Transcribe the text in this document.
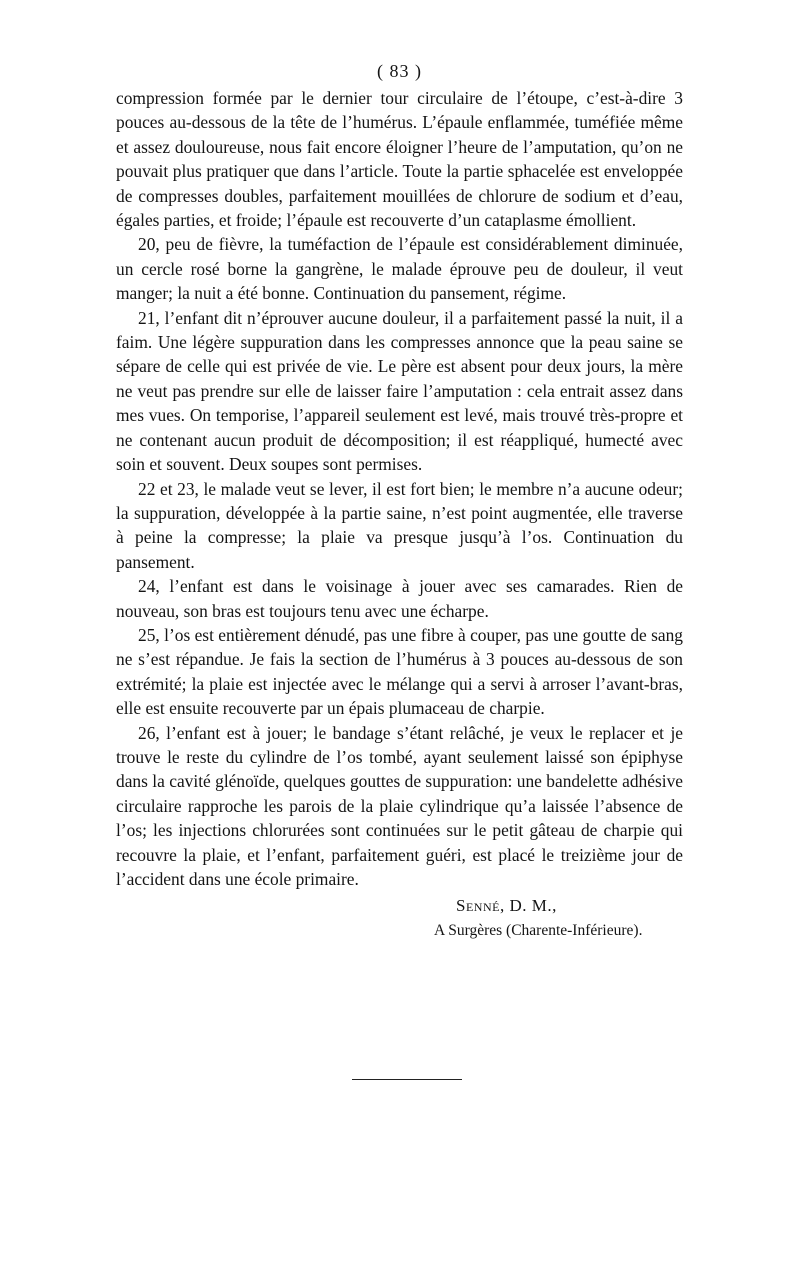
( 83 )

compression formée par le dernier tour circulaire de l’étoupe, c’est-à-dire 3 pouces au-dessous de la tête de l’humérus. L’épaule enflammée, tuméfiée même et assez douloureuse, nous fait encore éloigner l’heure de l’amputation, qu’on ne pouvait plus pratiquer que dans l’article. Toute la partie sphacelée est enveloppée de compresses doubles, parfaitement mouillées de chlorure de sodium et d’eau, égales parties, et froide; l’épaule est recouverte d’un cataplasme émollient.

20, peu de fièvre, la tuméfaction de l’épaule est considérablement diminuée, un cercle rosé borne la gangrène, le malade éprouve peu de douleur, il veut manger; la nuit a été bonne. Continuation du pansement, régime.

21, l’enfant dit n’éprouver aucune douleur, il a parfaitement passé la nuit, il a faim. Une légère suppuration dans les compresses annonce que la peau saine se sépare de celle qui est privée de vie. Le père est absent pour deux jours, la mère ne veut pas prendre sur elle de laisser faire l’amputation : cela entrait assez dans mes vues. On temporise, l’appareil seulement est levé, mais trouvé très-propre et ne contenant aucun produit de décomposition; il est réappliqué, humecté avec soin et souvent. Deux soupes sont permises.

22 et 23, le malade veut se lever, il est fort bien; le membre n’a aucune odeur; la suppuration, développée à la partie saine, n’est point augmentée, elle traverse à peine la compresse; la plaie va presque jusqu’à l’os. Continuation du pansement.

24, l’enfant est dans le voisinage à jouer avec ses camarades. Rien de nouveau, son bras est toujours tenu avec une écharpe.

25, l’os est entièrement dénudé, pas une fibre à couper, pas une goutte de sang ne s’est répandue. Je fais la section de l’humérus à 3 pouces au-dessous de son extrémité; la plaie est injectée avec le mélange qui a servi à arroser l’avant-bras, elle est ensuite recouverte par un épais plumaceau de charpie.

26, l’enfant est à jouer; le bandage s’étant relâché, je veux le replacer et je trouve le reste du cylindre de l’os tombé, ayant seulement laissé son épiphyse dans la cavité glénoïde, quelques gouttes de suppuration: une bandelette adhésive circulaire rapproche les parois de la plaie cylindrique qu’a laissée l’absence de l’os; les injections chlorurées sont continuées sur le petit gâteau de charpie qui recouvre la plaie, et l’enfant, parfaitement guéri, est placé le treizième jour de l’accident dans une école primaire.

Senné, D. M.,
A Surgères (Charente-Inférieure).
